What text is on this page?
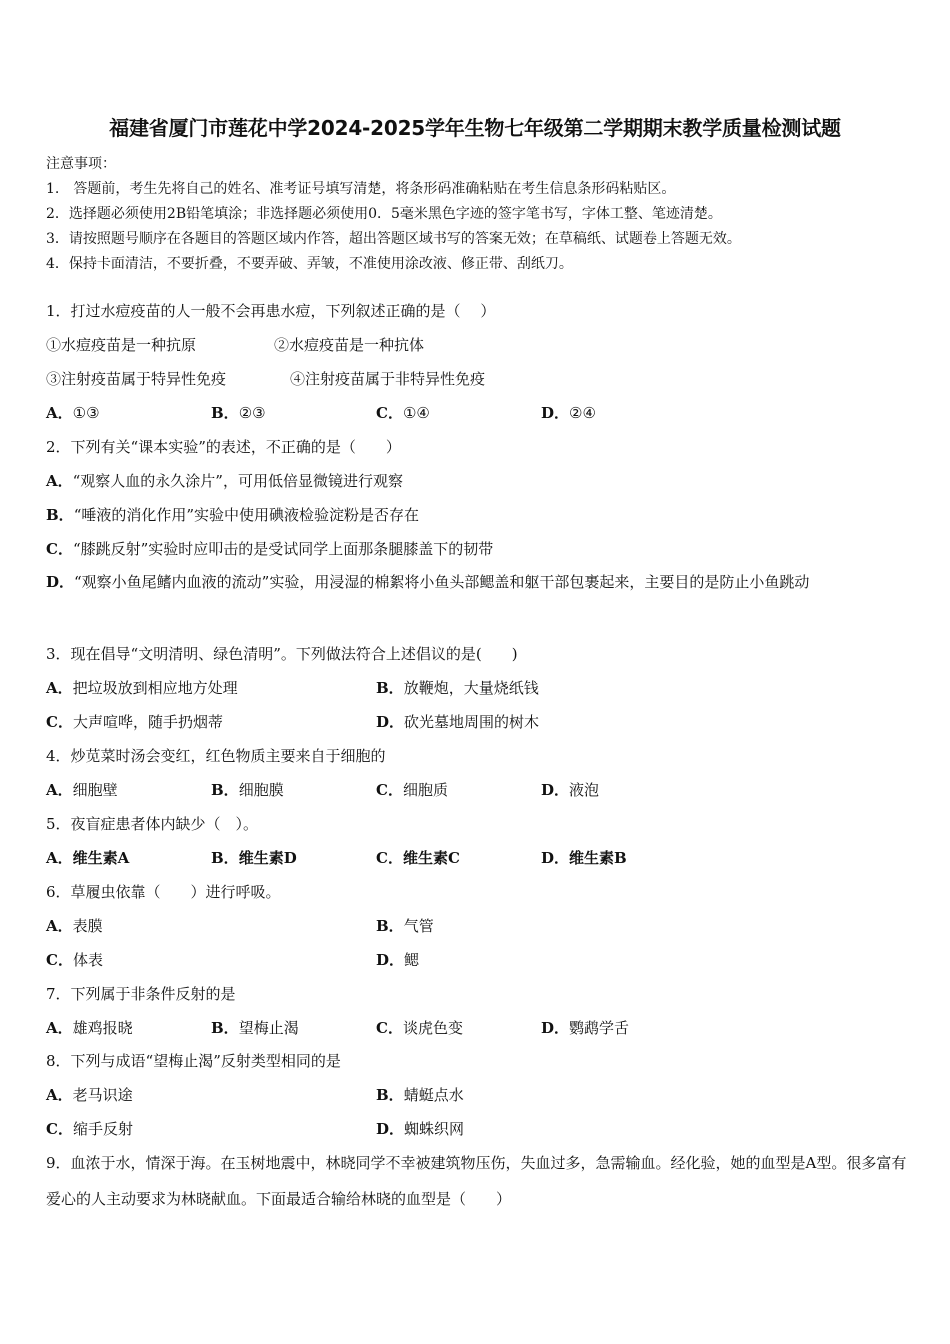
福建省厦门市莲花中学2024-2025学年生物七年级第二学期期末教学质量检测试题
注意事项：
1.　答题前，考生先将自己的姓名、准考证号填写清楚，将条形码准确粘贴在考生信息条形码粘贴区。
2．选择题必须使用2B铅笔填涂；非选择题必须使用0．5毫米黑色字迹的签字笔书写，字体工整、笔迹清楚。
3．请按照题号顺序在各题目的答题区域内作答，超出答题区域书写的答案无效；在草稿纸、试题卷上答题无效。
4．保持卡面清洁，不要折叠，不要弄破、弄皱，不准使用涂改液、修正带、刮纸刀。
1．打过水痘疫苗的人一般不会再患水痘，下列叙述正确的是（　 ）
①水痘疫苗是一种抗原	②水痘疫苗是一种抗体
③注射疫苗属于特异性免疫	④注射疫苗属于非特异性免疫
A．①③	B．②③	C．①④	D．②④
2．下列有关“课本实验”的表述，不正确的是（　　）
A．“观察人血的永久涂片”，可用低倍显微镜进行观察
B．“唾液的消化作用”实验中使用碘液检验淀粉是否存在
C．“膝跳反射”实验时应叩击的是受试同学上面那条腿膝盖下的韧带
D．“观察小鱼尾鳍内血液的流动”实验，用浸湿的棉絮将小鱼头部鳃盖和躯干部包裹起来，主要目的是防止小鱼跳动
3．现在倡导“文明清明、绿色清明”。下列做法符合上述倡议的是(　　)
A．把垃圾放到相应地方处理	B．放鞭炮，大量烧纸钱
C．大声喧哗，随手扔烟蒂	D．砍光墓地周围的树木
4．炒苋菜时汤会变红，红色物质主要来自于细胞的
A．细胞壁	B．细胞膜	C．细胞质	D．液泡
5．夜盲症患者体内缺少（　）。
A．维生素A	B．维生素D	C．维生素C	D．维生素B
6．草履虫依靠（　　）进行呼吸。
A．表膜	B．气管
C．体表	D．鳃
7．下列属于非条件反射的是
A．雄鸡报晓	B．望梅止渴	C．谈虎色变	D．鹦鹉学舌
8．下列与成语“望梅止渴”反射类型相同的是
A．老马识途	B．蜻蜓点水
C．缩手反射	D．蜘蛛织网
9．血浓于水，情深于海。在玉树地震中，林晓同学不幸被建筑物压伤，失血过多，急需输血。经化验，她的血型是A型。很多富有爱心的人主动要求为林晓献血。下面最适合输给林晓的血型是（　　）
